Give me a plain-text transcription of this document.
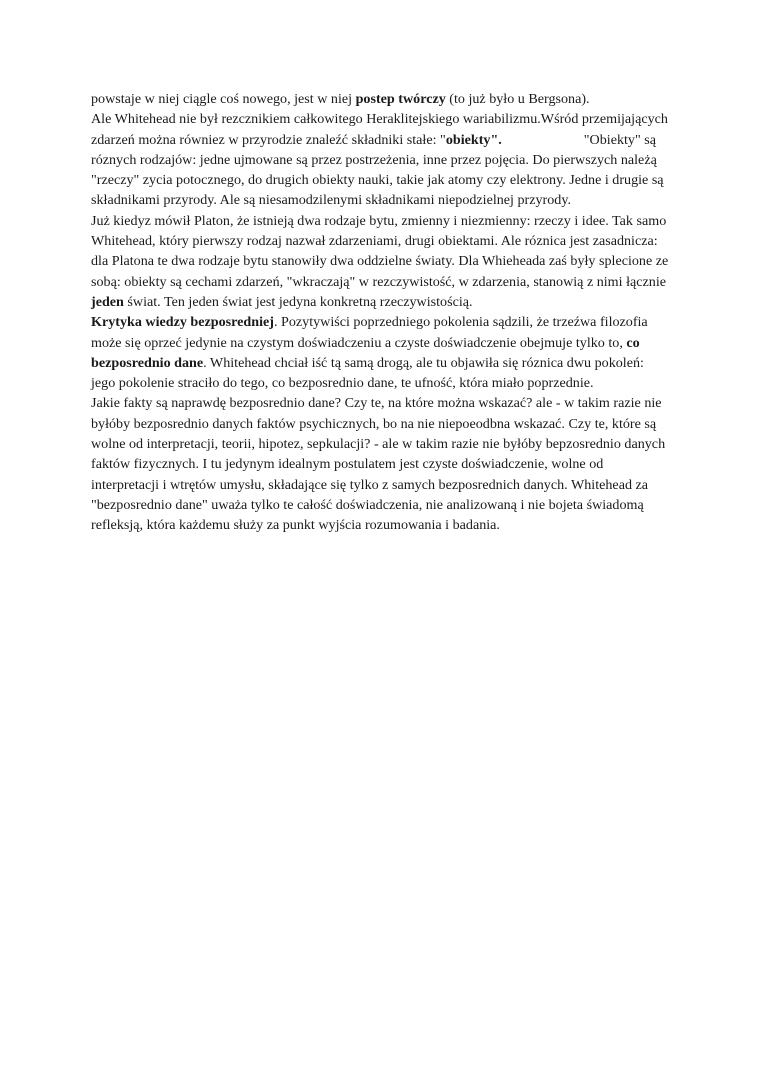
powstaje w niej ciągle coś nowego, jest w niej postep twórczy (to już było u Bergsona).
Ale Whitehead nie był rezcznikiem całkowitego Heraklitejskiego wariabilizmu.Wśród przemijających
zdarzeń można równiez w przyrodzie znaleźć składniki stałe: "obiekty".	"Obiekty" są
róznych rodzajów: jedne ujmowane są przez postrzeżenia, inne przez pojęcia. Do pierwszych należą
"rzeczy" zycia potocznego, do drugich obiekty nauki, takie jak atomy czy elektrony. Jedne i drugie są
składnikami przyrody. Ale są niesamodzilenymi składnikami niepodzielnej przyrody.
Już kiedyz mówił Platon, że istnieją dwa rodzaje bytu, zmienny i niezmienny: rzeczy i idee. Tak samo
Whitehead, który pierwszy rodzaj nazwał zdarzeniami, drugi obiektami. Ale róznica jest zasadnicza:
dla Platona te dwa rodzaje bytu stanowiły dwa oddzielne światy. Dla Whieheada zaś były splecione ze
sobą: obiekty są cechami zdarzeń, "wkraczają" w rezczywistość, w zdarzenia, stanowią z nimi łącznie
jeden świat. Ten jeden świat jest jedyna konkretną rzeczywistością.
Krytyka wiedzy bezposredniej. Pozytywiści poprzedniego pokolenia sądzili, że trzeźwa filozofia
może się oprzeć jedynie na czystym doświadczeniu a czyste doświadczenie obejmuje tylko to, co
bezposrednio dane. Whitehead chciał iść tą samą drogą, ale tu objawiła się róznica dwu pokoleń:
jego pokolenie straciło do tego, co bezposrednio dane, te ufność, która miało poprzednie.
Jakie fakty są naprawdę bezposrednio dane? Czy te, na które można wskazać? ale - w takim razie nie
byłóby bezposrednio danych faktów psychicznych, bo na nie niepoeodbna wskazać. Czy te, które są
wolne od interpretacji, teorii, hipotez, sepkulacji? - ale w takim razie nie byłóby bepzosrednio danych
faktów fizycznych. I tu jedynym idealnym postulatem jest czyste doświadczenie, wolne od
interpretacji i wtrętów umysłu, składające się tylko z samych bezposrednich danych. Whitehead za
"bezposrednio dane" uważa tylko te całość doświadczenia, nie analizowaną i nie bojeta świadomą
refleksją, która każdemu służy za punkt wyjścia rozumowania i badania.
